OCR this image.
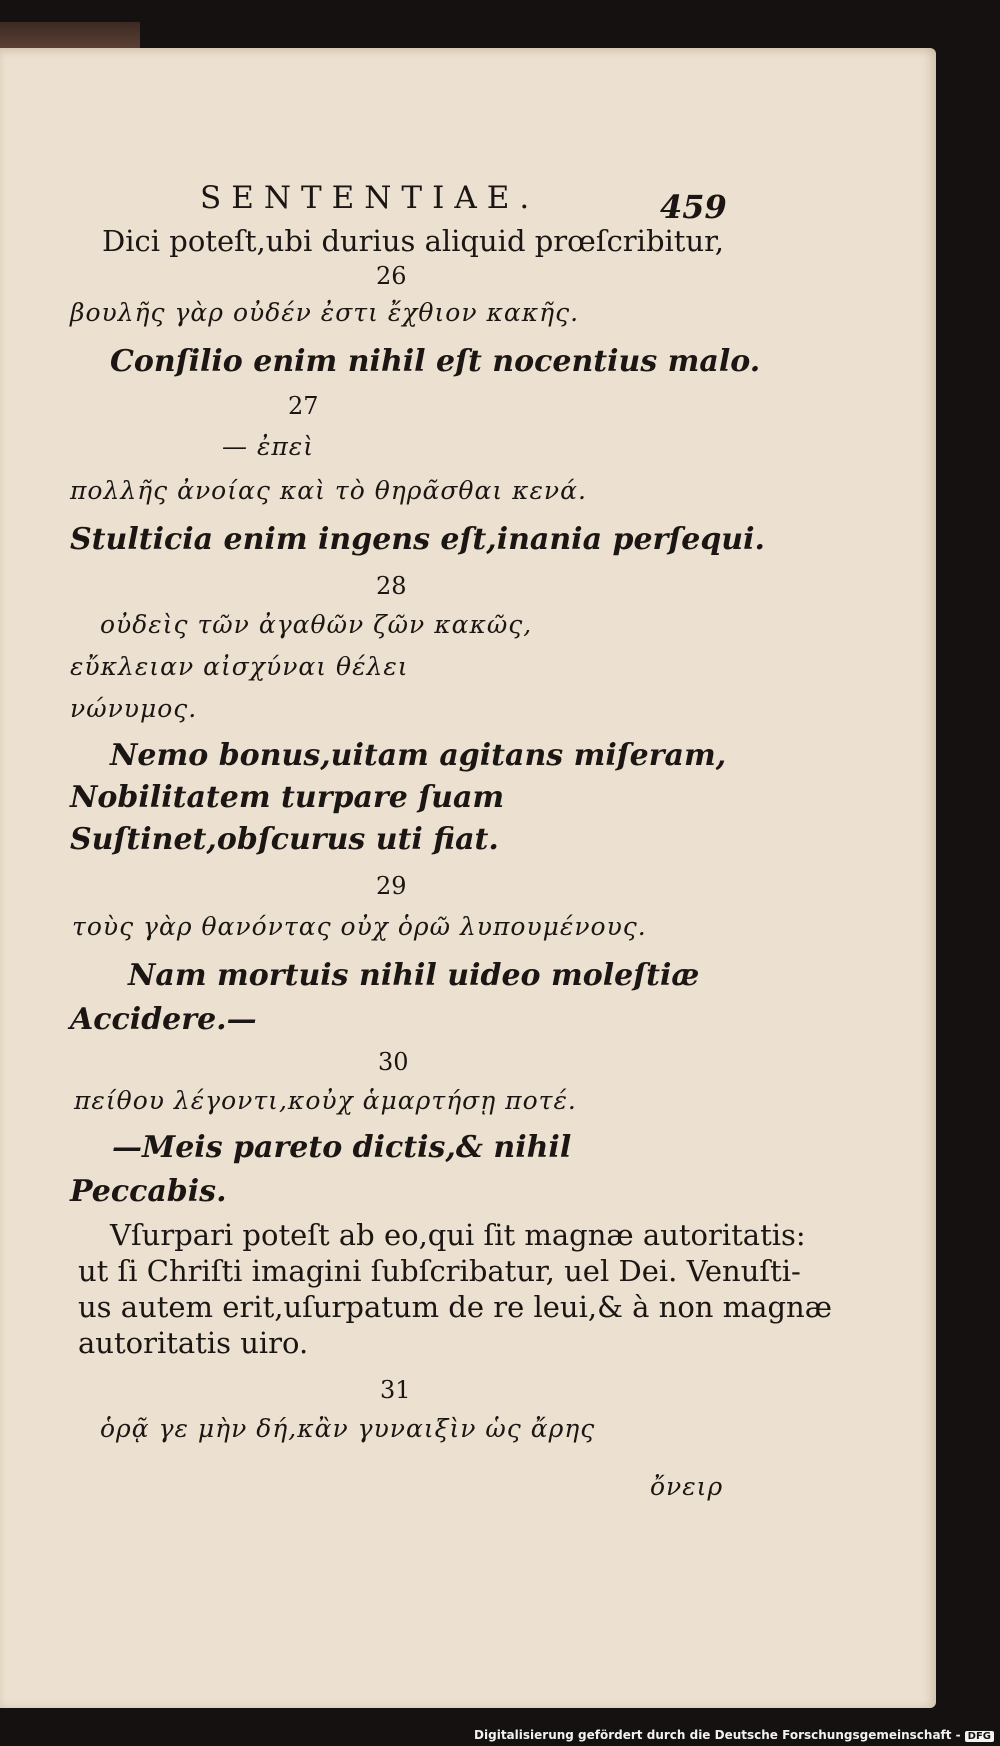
SENTENTIAE.	459
Dici poteſt,ubi durius aliquid prœſcribitur,
26
βουλῆς γὰρ οὐδέν ἐστι ἔχθιον κακῆς.
Conſilio enim nihil eſt nocentius malo.
27
— ἐπεὶ
πολλῆς ἀνοίας καὶ τὸ θηρᾶσθαι κενά.
Stulticia enim ingens eſt,inania perſequi.
28
οὐδεὶς τῶν ἀγαθῶν ζῶν κακῶς,
εὔκλειαν αἰσχύναι θέλει
νώνυμος.
Nemo bonus,uitam agitans miſeram,
Nobilitatem turpare ſuam
Suſtinet,obſcurus uti fiat.
29
τοὺς γὰρ θανόντας οὐχ ὁρῶ λυπουμένους.
Nam mortuis nihil uideo moleſtiæ
Accidere.—
30
πείθου λέγοντι,κοὐχ ἁμαρτήσῃ ποτέ.
—Meis pareto dictis,& nihil
Peccabis.
Vſurpari poteſt ab eo,qui ſit magnæ autoritatis:
ut ſi Chriſti imagini ſubſcribatur, uel Dei. Venuſti-
us autem erit,uſurpatum de re leui,& à non magnæ
autoritatis uiro.
31
ὁρᾷ γε μὴν δή,κἂν γυναιξὶν ὡς ἄρης
ὄνειρ
Digitalisierung gefördert durch die Deutsche Forschungsgemeinschaft - DFG
